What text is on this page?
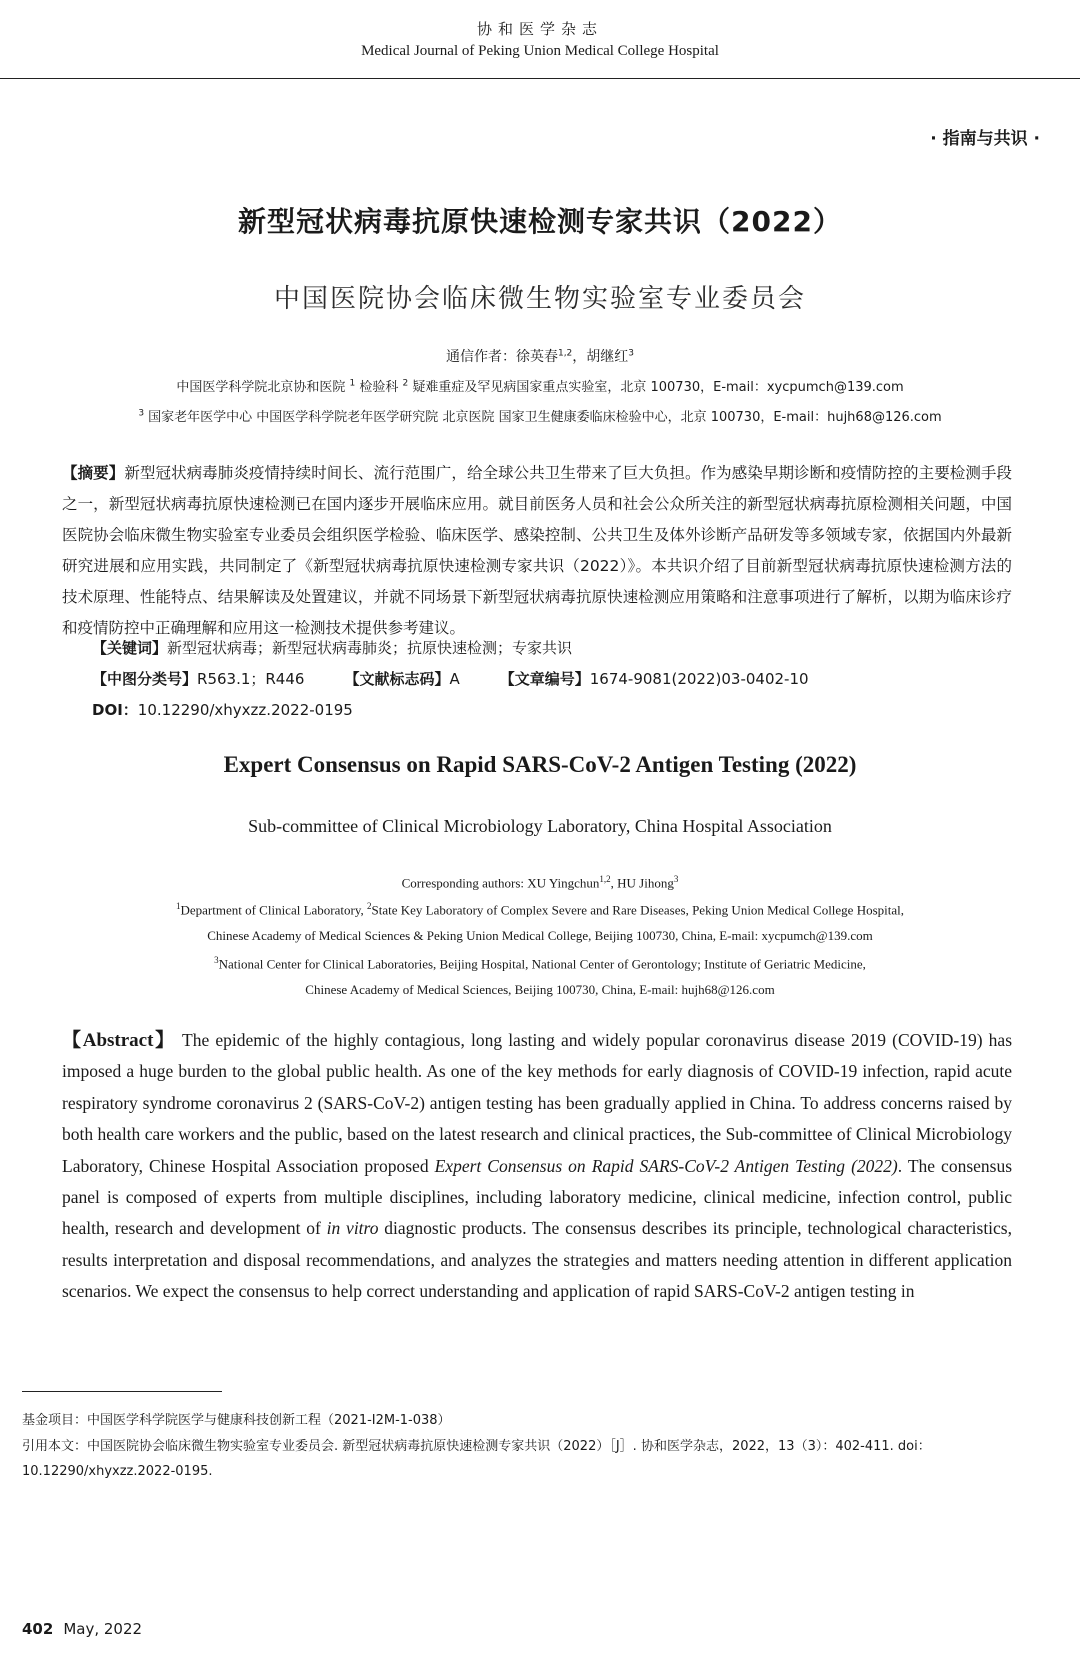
协和医学杂志
Medical Journal of Peking Union Medical College Hospital
· 指南与共识 ·
新型冠状病毒抗原快速检测专家共识（2022）
中国医院协会临床微生物实验室专业委员会
通信作者：徐英春$^{1,2}$，胡继红$^3$
中国医学科学院北京协和医院 $^1$ 检验科 $^2$ 疑难重症及罕见病国家重点实验室，北京 100730，E-mail：xycpumch@139.com
$^3$ 国家老年医学中心 中国医学科学院老年医学研究院 北京医院 国家卫生健康委临床检验中心，北京 100730，E-mail：hujh68@126.com
【摘要】新型冠状病毒肺炎疫情持续时间长、流行范围广，给全球公共卫生带来了巨大负担。作为感染早期诊断和疫情防控的主要检测手段之一，新型冠状病毒抗原快速检测已在国内逐步开展临床应用。就目前医务人员和社会公众所关注的新型冠状病毒抗原检测相关问题，中国医院协会临床微生物实验室专业委员会组织医学检验、临床医学、感染控制、公共卫生及体外诊断产品研发等多领域专家，依据国内外最新研究进展和应用实践，共同制定了《新型冠状病毒抗原快速检测专家共识（2022）》。本共识介绍了目前新型冠状病毒抗原快速检测方法的技术原理、性能特点、结果解读及处置建议，并就不同场景下新型冠状病毒抗原快速检测应用策略和注意事项进行了解析，以期为临床诊疗和疫情防控中正确理解和应用这一检测技术提供参考建议。
【关键词】新型冠状病毒；新型冠状病毒肺炎；抗原快速检测；专家共识
【中图分类号】R563.1；R446	【文献标志码】A	【文章编号】1674-9081(2022)03-0402-10
DOI：10.12290/xhyxzz.2022-0195
Expert Consensus on Rapid SARS-CoV-2 Antigen Testing (2022)
Sub-committee of Clinical Microbiology Laboratory, China Hospital Association
Corresponding authors: XU Yingchun$^{1,2}$, HU Jihong$^3$
$^1$Department of Clinical Laboratory, $^2$State Key Laboratory of Complex Severe and Rare Diseases, Peking Union Medical College Hospital,
Chinese Academy of Medical Sciences & Peking Union Medical College, Beijing 100730, China, E-mail: xycpumch@139.com
$^3$National Center for Clinical Laboratories, Beijing Hospital, National Center of Gerontology; Institute of Geriatric Medicine,
Chinese Academy of Medical Sciences, Beijing 100730, China, E-mail: hujh68@126.com
【Abstract】 The epidemic of the highly contagious, long lasting and widely popular coronavirus disease 2019 (COVID-19) has imposed a huge burden to the global public health. As one of the key methods for early diagnosis of COVID-19 infection, rapid acute respiratory syndrome coronavirus 2 (SARS-CoV-2) antigen testing has been gradually applied in China. To address concerns raised by both health care workers and the public, based on the latest research and clinical practices, the Sub-committee of Clinical Microbiology Laboratory, Chinese Hospital Association proposed Expert Consensus on Rapid SARS-CoV-2 Antigen Testing (2022). The consensus panel is composed of experts from multiple disciplines, including laboratory medicine, clinical medicine, infection control, public health, research and development of in vitro diagnostic products. The consensus describes its principle, technological characteristics, results interpretation and disposal recommendations, and analyzes the strategies and matters needing attention in different application scenarios. We expect the consensus to help correct understanding and application of rapid SARS-CoV-2 antigen testing in
基金项目：中国医学科学院医学与健康科技创新工程（2021-I2M-1-038）
引用本文：中国医院协会临床微生物实验室专业委员会. 新型冠状病毒抗原快速检测专家共识（2022）［J］. 协和医学杂志，2022，13（3）：402-411. doi：10.12290/xhyxzz.2022-0195.
402 May, 2022
